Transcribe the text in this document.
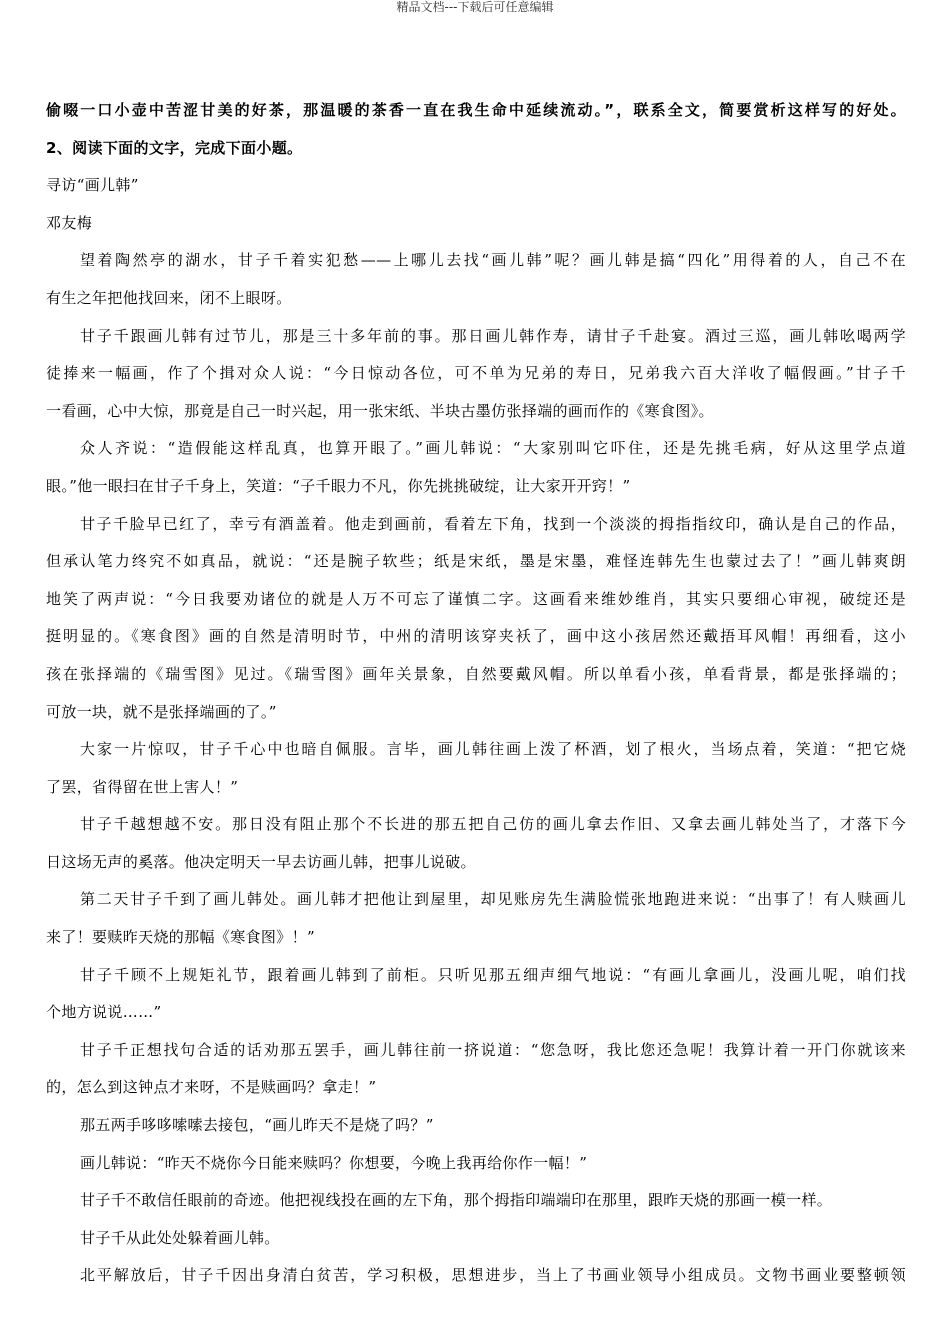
精品文档---下载后可任意编辑
偷啜一口小壶中苦涩甘美的好茶，那温暖的茶香一直在我生命中延续流动。”，联系全文，简要赏析这样写的好处。
2、阅读下面的文字，完成下面小题。
寻访“画儿韩”
邓友梅
望着陶然亭的湖水，甘子千着实犯愁——上哪儿去找“画儿韩”呢？画儿韩是搞“四化”用得着的人，自己不在
有生之年把他找回来，闭不上眼呀。
甘子千跟画儿韩有过节儿，那是三十多年前的事。那日画儿韩作寿，请甘子千赴宴。酒过三巡，画儿韩吆喝两学
徒捧来一幅画，作了个揖对众人说：“今日惊动各位，可不单为兄弟的寿日，兄弟我六百大洋收了幅假画。”甘子千
一看画，心中大惊，那竟是自己一时兴起，用一张宋纸、半块古墨仿张择端的画而作的《寒食图》。
众人齐说：“造假能这样乱真，也算开眼了。”画儿韩说：“大家别叫它吓住，还是先挑毛病，好从这里学点道
眼。”他一眼扫在甘子千身上，笑道：“子千眼力不凡，你先挑挑破绽，让大家开开窍！”
甘子千脸早已红了，幸亏有酒盖着。他走到画前，看着左下角，找到一个淡淡的拇指指纹印，确认是自己的作品，
但承认笔力终究不如真品，就说：“还是腕子软些；纸是宋纸，墨是宋墨，难怪连韩先生也蒙过去了！”画儿韩爽朗
地笑了两声说：“今日我要劝诸位的就是人万不可忘了谨慎二字。这画看来维妙维肖，其实只要细心审视，破绽还是
挺明显的。《寒食图》画的自然是清明时节，中州的清明该穿夹袄了，画中这小孩居然还戴捂耳风帽！再细看，这小
孩在张择端的《瑞雪图》见过。《瑞雪图》画年关景象，自然要戴风帽。所以单看小孩，单看背景，都是张择端的；
可放一块，就不是张择端画的了。”
大家一片惊叹，甘子千心中也暗自佩服。言毕，画儿韩往画上泼了杯酒，划了根火，当场点着，笑道：“把它烧
了罢，省得留在世上害人！”
甘子千越想越不安。那日没有阻止那个不长进的那五把自己仿的画儿拿去作旧、又拿去画儿韩处当了，才落下今
日这场无声的奚落。他决定明天一早去访画儿韩，把事儿说破。
第二天甘子千到了画儿韩处。画儿韩才把他让到屋里，却见账房先生满脸慌张地跑进来说：“出事了！有人赎画儿
来了！要赎昨天烧的那幅《寒食图》！”
甘子千顾不上规矩礼节，跟着画儿韩到了前柜。只听见那五细声细气地说：“有画儿拿画儿，没画儿呢，咱们找
个地方说说……”
甘子千正想找句合适的话劝那五罢手，画儿韩往前一挤说道：“您急呀，我比您还急呢！我算计着一开门你就该来
的，怎么到这钟点才来呀，不是赎画吗？拿走！”
那五两手哆哆嗦嗦去接包，“画儿昨天不是烧了吗？”
画儿韩说：“昨天不烧你今日能来赎吗？你想要，今晚上我再给你作一幅！”
甘子千不敢信任眼前的奇迹。他把视线投在画的左下角，那个拇指印端端印在那里，跟昨天烧的那画一模一样。
甘子千从此处处躲着画儿韩。
北平解放后，甘子千因出身清白贫苦，学习积极，思想进步，当上了书画业领导小组成员。文物书画业要整顿领
